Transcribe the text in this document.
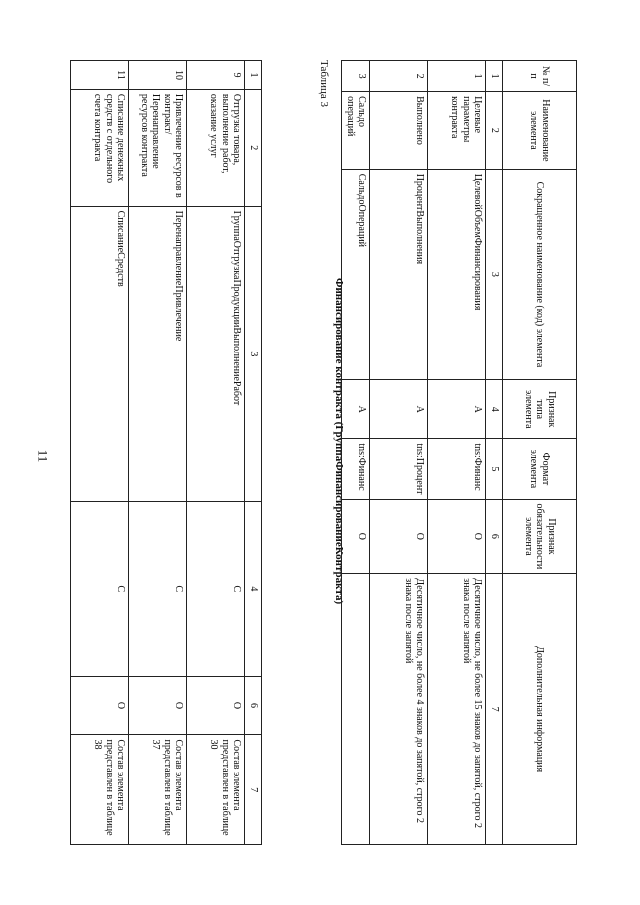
11
1	2	3	4	6	7
9	Отгрузка товара, выполнение работ, оказание услуг	ГруппаОтгрузкаПродукцииВыполнениеРабот	С	О	Состав элемента представлен в таблице 30
10	Привлечение ресурсов в контракт/Перенаправление ресурсов контракта	ПеренаправлениеПривлечение	С	О	Состав элемента представлен в таблице 37
11	Списание денежных средств с отдельного счета контракта	СписаниеСредств	С	О	Состав элемента представлен в таблице 38
Таблица 3
Финансирование контракта (ГруппаФинансированиеКонтракта)
№ п/п	Наименование элемента	Сокращенное наименование (код) элемента	Признак типа элемента	Формат элемента	Признак обязательности элемента	Дополнительная информация
1	2	3	4	5	6	7
1	Целевые параметры контракта	ЦелевойОбъемФинансирования	А	tns:Финанс	О	Десятичное число, не более 15 знаков до запятой, строго 2 знака после запятой
2	Выполнено	ПроцентВыполнения	А	tns:Процент	О	Десятичное число, не более 4 знаков до запятой, строго 2 знака после запятой
3	Сальдо операций	СальдоОпераций	А	tns:Финанс	О	
